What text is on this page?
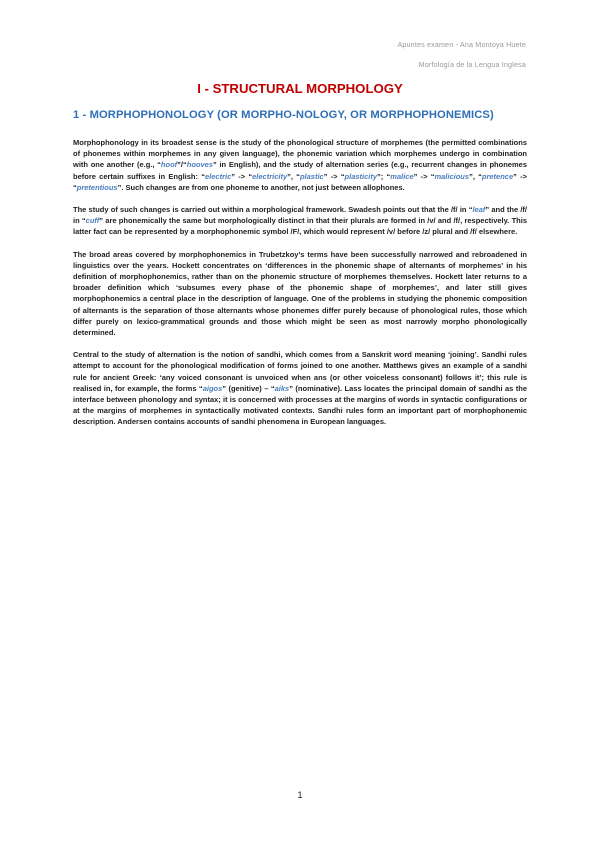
Apuntes examen - Ana Montoya Huete
Morfología de la Lengua Inglesa
I - STRUCTURAL MORPHOLOGY
1 - MORPHOPHONOLOGY (OR MORPHO-NOLOGY, OR MORPHOPHONEMICS)

Morphophonology in its broadest sense is the study of the phonological structure of morphemes (the permitted combinations of phonemes within morphemes in any given language), the phonemic variation which morphemes undergo in combination with one another (e.g., “hoof”/“hooves” in English), and the study of alternation series (e.g., recurrent changes in phonemes before certain suffixes in English: “electric” -> “electricity”, “plastic” -> “plasticity”; “malice” -> “malicious”, “pretence” -> “pretentious”. Such changes are from one phoneme to another, not just between allophones.

The study of such changes is carried out within a morphological framework. Swadesh points out that the /f/ in “leaf” and the /f/ in “cuff” are phonemically the same but morphologically distinct in that their plurals are formed in /v/ and /f/, respectively. This latter fact can be represented by a morphophonemic symbol /F/, which would represent /v/ before /z/ plural and /f/ elsewhere.

The broad areas covered by morphophonemics in Trubetzkoy’s terms have been successfully narrowed and rebroadened in linguistics over the years. Hockett concentrates on ‘differences in the phonemic shape of alternants of morphemes’ in his definition of morphophonemics, rather than on the phonemic structure of morphemes themselves. Hockett later returns to a broader definition which ‘subsumes every phase of the phonemic shape of morphemes’, and later still gives morphophonemics a central place in the description of language. One of the problems in studying the phonemic composition of alternants is the separation of those alternants whose phonemes differ purely because of phonological rules, those which differ purely on lexico-grammatical grounds and those which might be seen as most narrowly morpho phonologically determined.

Central to the study of alternation is the notion of sandhi, which comes from a Sanskrit word meaning ‘joining’. Sandhi rules attempt to account for the phonological modification of forms joined to one another. Matthews gives an example of a sandhi rule for ancient Greek: ‘any voiced consonant is unvoiced when ans (or other voiceless consonant) follows it’; this rule is realised in, for example, the forms “aigos” (genitive) – “aiks” (nominative). Lass locates the principal domain of sandhi as the interface between phonology and syntax; it is concerned with processes at the margins of words in syntactic configurations or at the margins of morphemes in syntactically motivated contexts. Sandhi rules form an important part of morphophonemic description. Andersen contains accounts of sandhi phenomena in European languages.

1
